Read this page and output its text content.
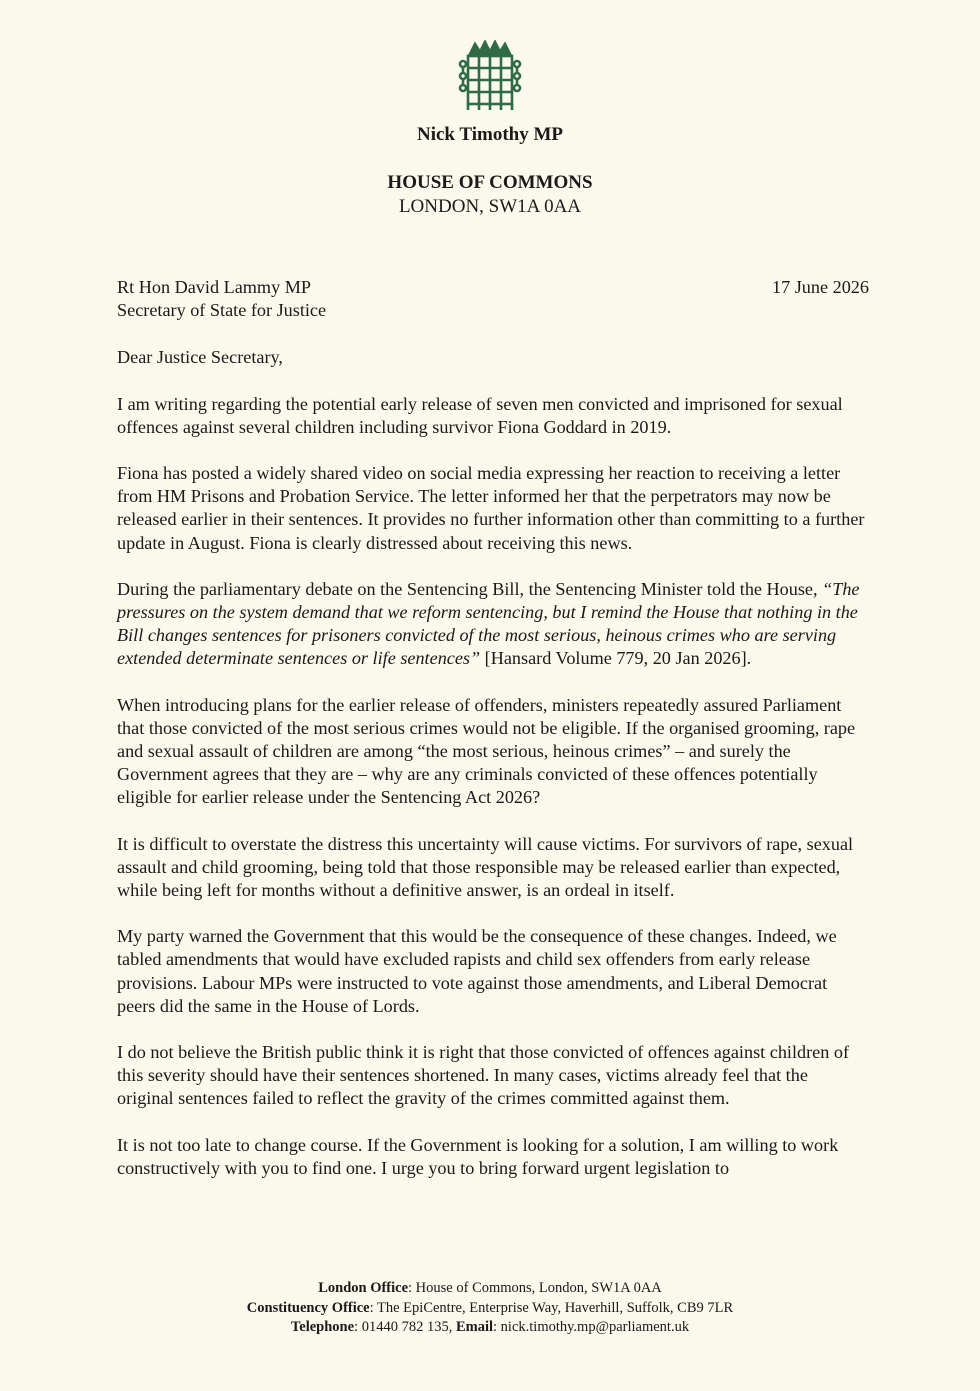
Nick Timothy MP
HOUSE OF COMMONS
LONDON, SW1A 0AA
Rt Hon David Lammy MP
Secretary of State for Justice
17 June 2026

Dear Justice Secretary,

I am writing regarding the potential early release of seven men convicted and imprisoned for sexual offences against several children including survivor Fiona Goddard in 2019.

Fiona has posted a widely shared video on social media expressing her reaction to receiving a letter from HM Prisons and Probation Service. The letter informed her that the perpetrators may now be released earlier in their sentences. It provides no further information other than committing to a further update in August. Fiona is clearly distressed about receiving this news.

During the parliamentary debate on the Sentencing Bill, the Sentencing Minister told the House, “The pressures on the system demand that we reform sentencing, but I remind the House that nothing in the Bill changes sentences for prisoners convicted of the most serious, heinous crimes who are serving extended determinate sentences or life sentences” [Hansard Volume 779, 20 Jan 2026].

When introducing plans for the earlier release of offenders, ministers repeatedly assured Parliament that those convicted of the most serious crimes would not be eligible. If the organised grooming, rape and sexual assault of children are among “the most serious, heinous crimes” – and surely the Government agrees that they are – why are any criminals convicted of these offences potentially eligible for earlier release under the Sentencing Act 2026?

It is difficult to overstate the distress this uncertainty will cause victims. For survivors of rape, sexual assault and child grooming, being told that those responsible may be released earlier than expected, while being left for months without a definitive answer, is an ordeal in itself.

My party warned the Government that this would be the consequence of these changes. Indeed, we tabled amendments that would have excluded rapists and child sex offenders from early release provisions. Labour MPs were instructed to vote against those amendments, and Liberal Democrat peers did the same in the House of Lords.

I do not believe the British public think it is right that those convicted of offences against children of this severity should have their sentences shortened. In many cases, victims already feel that the original sentences failed to reflect the gravity of the crimes committed against them.

It is not too late to change course. If the Government is looking for a solution, I am willing to work constructively with you to find one. I urge you to bring forward urgent legislation to

London Office: House of Commons, London, SW1A 0AA
Constituency Office: The EpiCentre, Enterprise Way, Haverhill, Suffolk, CB9 7LR
Telephone: 01440 782 135, Email: nick.timothy.mp@parliament.uk
